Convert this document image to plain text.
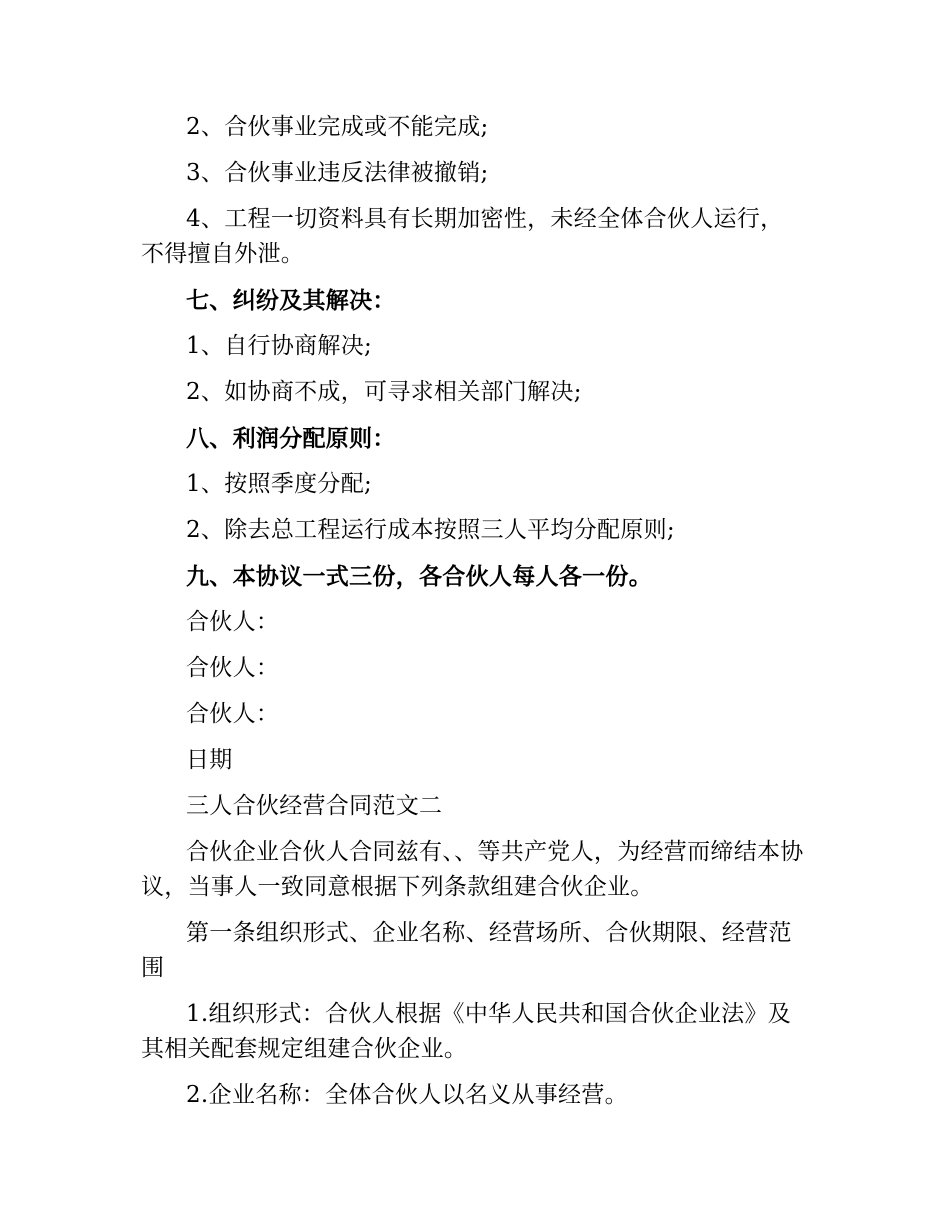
2、合伙事业完成或不能完成;

3、合伙事业违反法律被撤销;

4、工程一切资料具有长期加密性，未经全体合伙人运行，不得擅自外泄。

七、纠纷及其解决：

1、自行协商解决;

2、如协商不成，可寻求相关部门解决;

八、利润分配原则：

1、按照季度分配;

2、除去总工程运行成本按照三人平均分配原则;

九、本协议一式三份，各合伙人每人各一份。

合伙人：

合伙人：

合伙人：

日期

三人合伙经营合同范文二

合伙企业合伙人合同兹有、、等共产党人，为经营而缔结本协议，当事人一致同意根据下列条款组建合伙企业。

第一条组织形式、企业名称、经营场所、合伙期限、经营范围

1.组织形式：合伙人根据《中华人民共和国合伙企业法》及其相关配套规定组建合伙企业。

2.企业名称：全体合伙人以名义从事经营。
